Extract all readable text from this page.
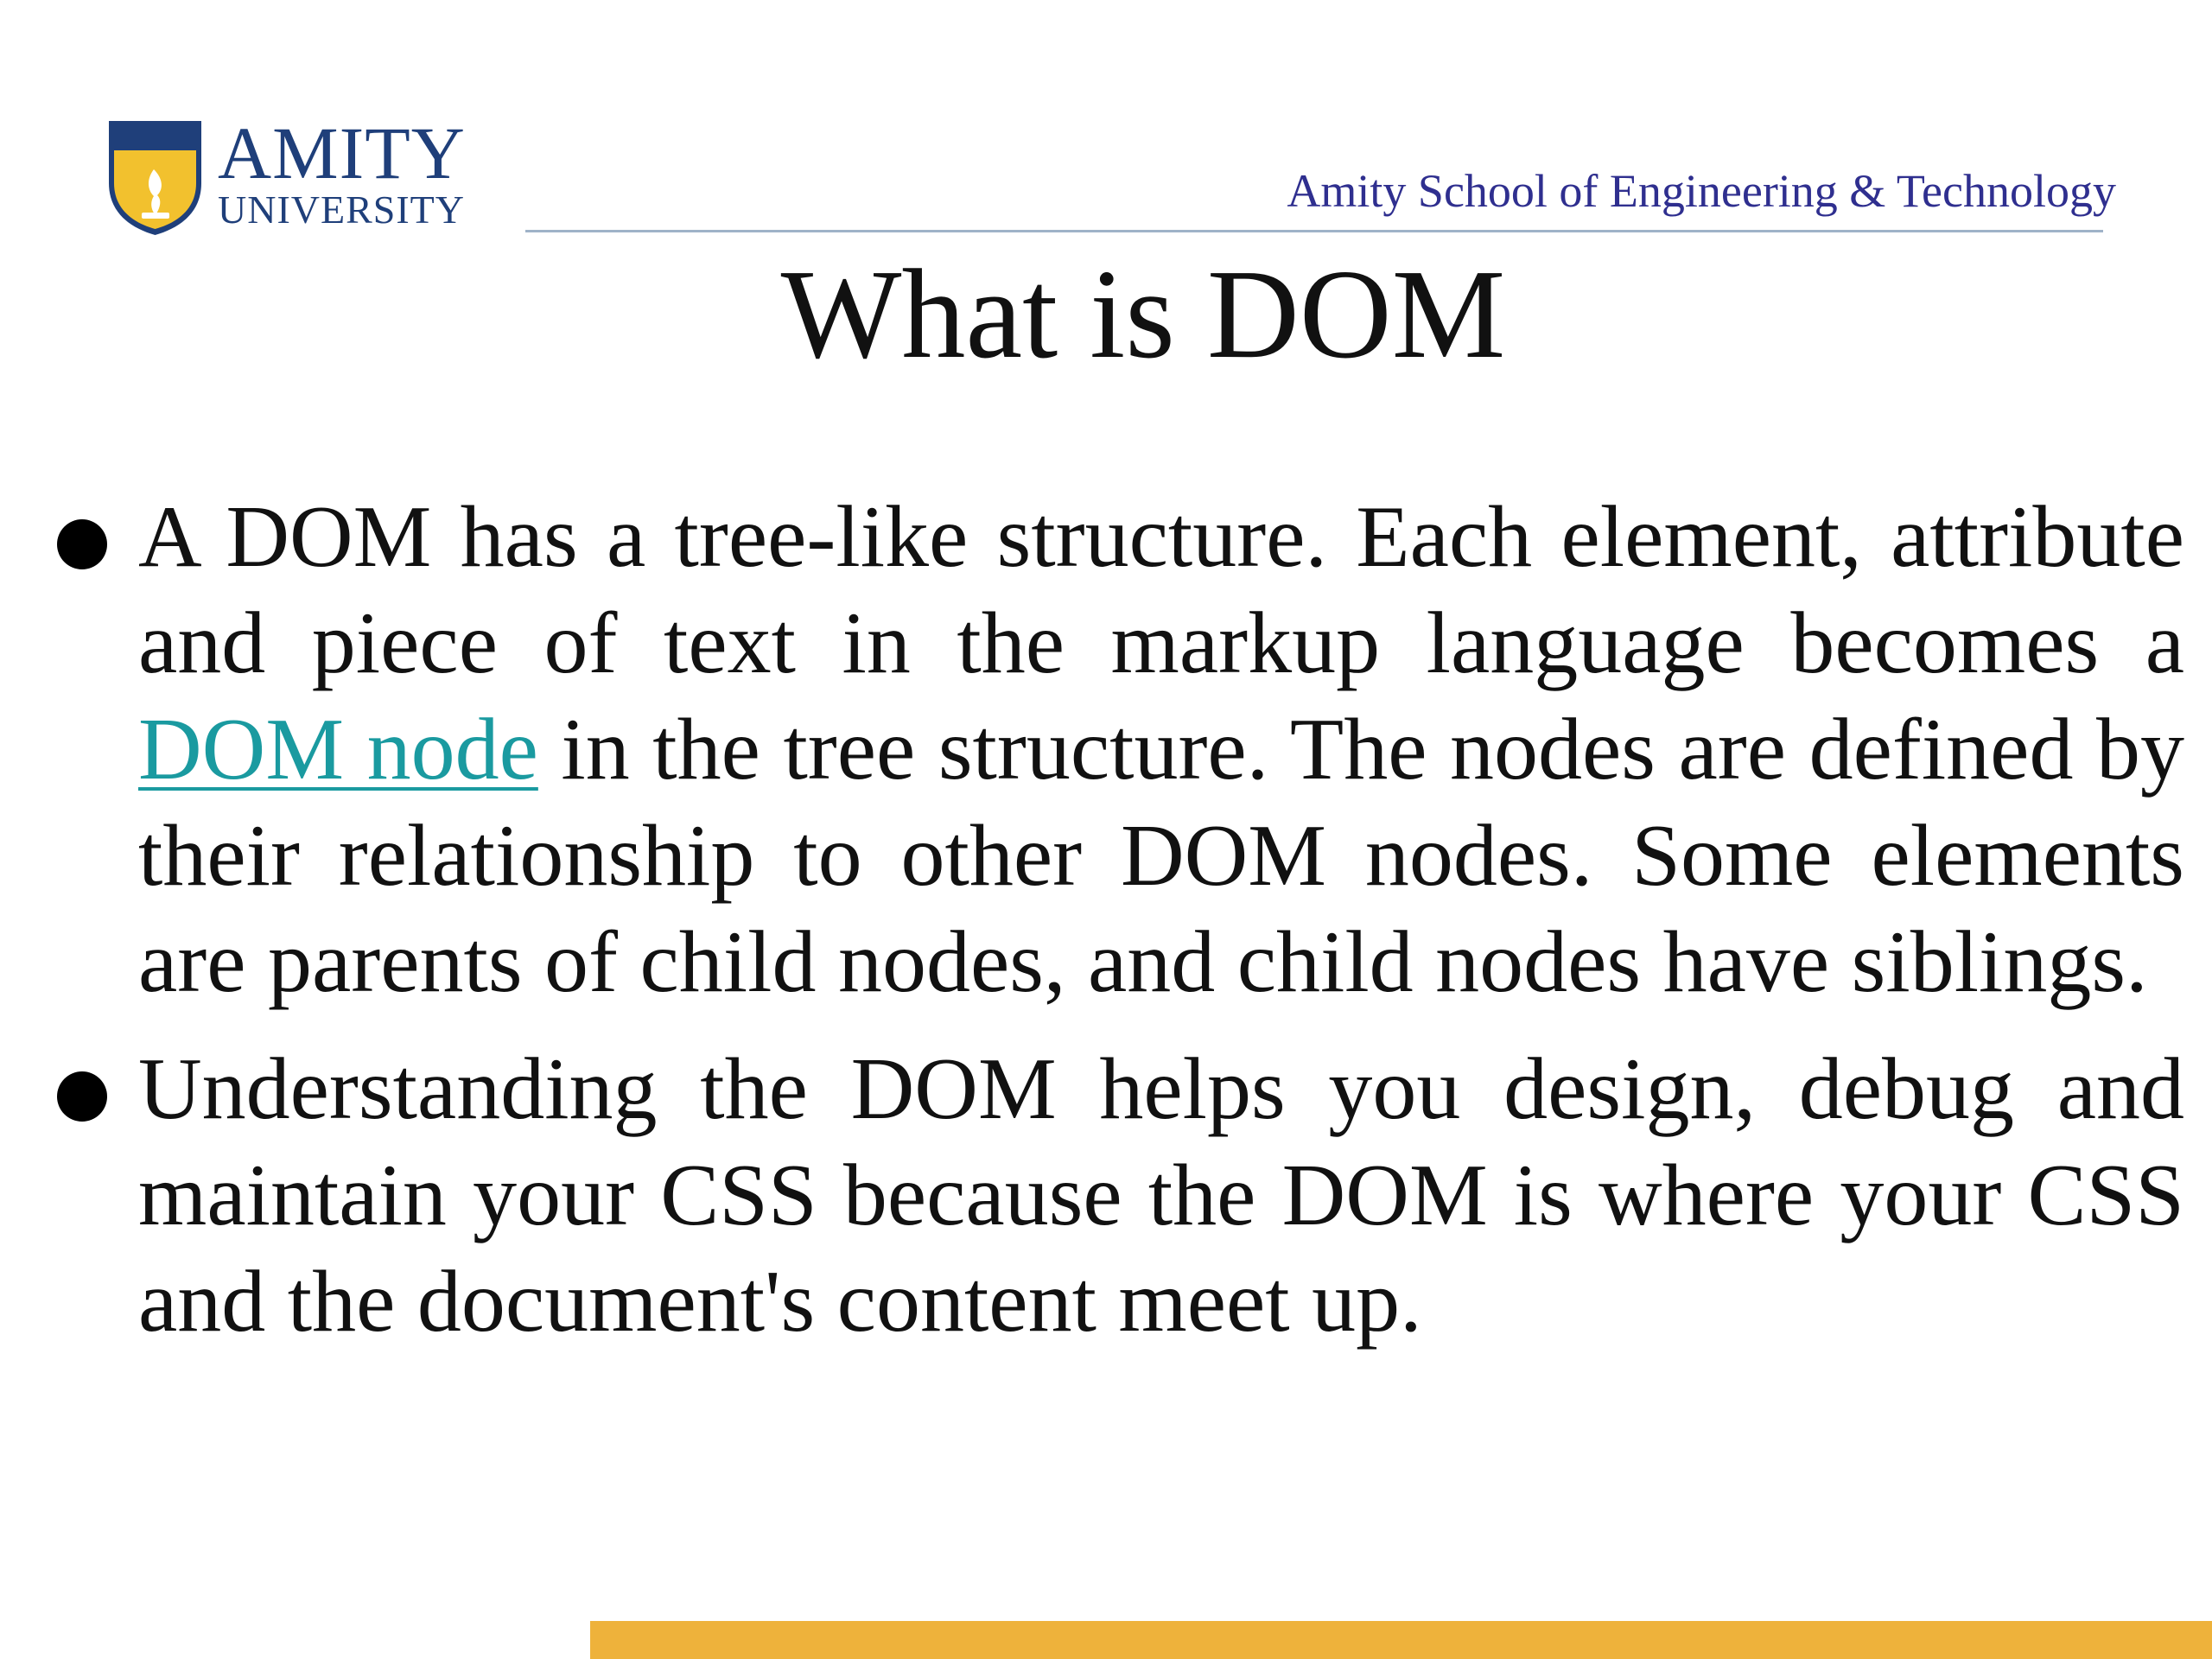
AMITY
UNIVERSITY	Amity School of Engineering & Technology
What is DOM
A DOM has a tree-like structure. Each element, attribute and piece of text in the markup language becomes a DOM node in the tree structure. The nodes are defined by their relationship to other DOM nodes. Some elements are parents of child nodes, and child nodes have siblings.
Understanding the DOM helps you design, debug and maintain your CSS because the DOM is where your CSS and the document's content meet up.
